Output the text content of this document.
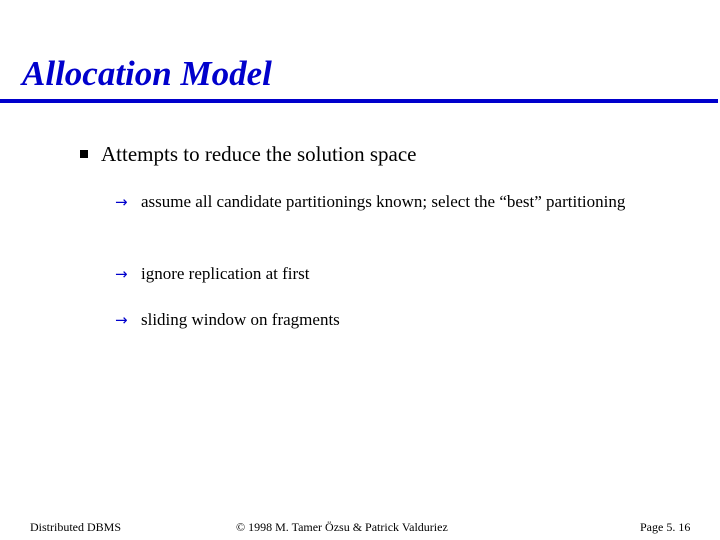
Allocation Model
Attempts to reduce the solution space
→ assume all candidate partitionings known; select the “best” partitioning
→ ignore replication at first
→ sliding window on fragments
Distributed DBMS	© 1998 M. Tamer Özsu & Patrick Valduriez	Page 5. 16
